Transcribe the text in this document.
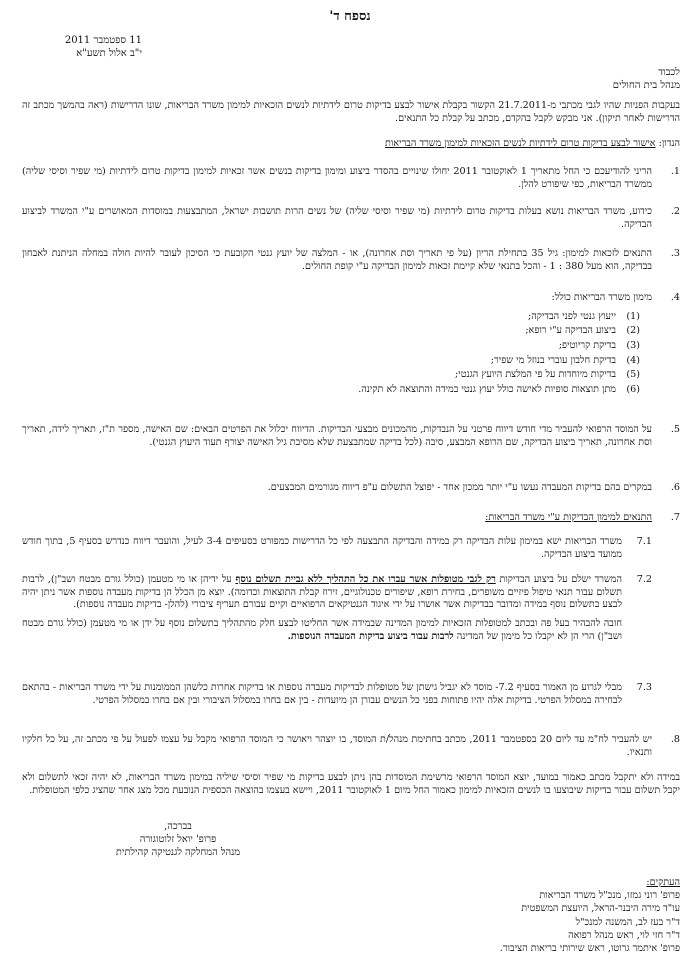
נספח ד'
11 ספטמבר 2011
י"ב אלול תשע"א
לכבוד
מנהל בית החולים
בעקבות הפניות שהיו לגבי מכתבי מ-21.7.2011 הקשור בקבלת אישור לבצע בדיקות טרום לידתיות לנשים הזכאיות למימון משרד הבריאות, שונו הדרישות (ראה בהמשך מכתב זה הדרישות לאחר תיקון). אני מבקש לקבל בהקדם, מכתב על קבלת כל התנאים.
הנדון: אישור לבצע בדיקות טרום לידתיות לנשים הזכאיות למימון משרד הבריאות
1.
הריני להודיעכם כי החל מתאריך 1 לאוקטובר 2011 יחולו שינויים בהסדר ביצוע ומימון בדיקות בנשים אשר זכאיות למימון בדיקות טרום לידתיות (מי שפיר וסיסי שליה) ממשרד הבריאות, כפי שיפורט להלן.
2.
כידוע, משרד הבריאות נושא בעלות בדיקות טרום לידתיות (מי שפיר וסיסי שליה) של נשים הרות תושבות ישראל, המתבצעות במוסדות המאושרים ע"י המשרד לביצוע הבדיקה.
3.
התנאים לזכאות למימון: גיל 35 בתחילת הריון (על פי תאריך וסת אחרונה), או - המלצה של יועץ גנטי הקובעת כי הסיכון לעובר להיות חולה במחלה הניתנת לאבחון בבדיקה, הוא מעל 380 : 1 - והכל בתנאי שלא קיימת זכאות למימון הבדיקה ע"י קופת החולים.
4.
מימון משרד הבריאות כולל:
(1)ייעוץ גנטי לפני הבדיקה;
(2)ביצוע הבדיקה ע"י רופא;
(3)בדיקת קריוטיפ;
(4)בדיקת חלבון עוברי בנוזל מי שפיר;
(5)בדיקות מיוחדות על פי המלצת היועץ הגנטי;
(6)מתן תוצאות סופיות לאישה כולל יעוץ גנטי במידה והתוצאה לא תקינה.
5.
על המוסד הרפואי להעביר מדי חודש דיווח פרטני על הנבדקות, מהמכונים מבצעי הבדיקות. הדיווח יכלול את הפרטים הבאים: שם האישה, מספר ת"ז, תאריך לידה, תאריך וסת אחרונה, תאריך ביצוע הבדיקה, שם הרופא המבצע, סיבה (לכל בדיקה שמתבצעת שלא מסיבת גיל האישה יצורף תעוד היעוץ הגנטי).
6.
במקרים בהם בדיקות המעבדה נעשו ע"י יותר ממכון אחד - יפוצל התשלום ע"פ דיווח מגורמים המבצעים.
7.
התנאים למימון הבדיקות ע"י משרד הבריאות:
7.1
משרד הבריאות ישא במימון עלות הבדיקה רק במידה והבדיקה התבצעה לפי כל הדרישות כמפורט בסעיפים 3-4 לעיל, והועבר דיווח כנדרש בסעיף 5, בתוך חודש ממועד ביצוע הבדיקה.
7.2
המשרד ישלם על ביצוע הבדיקות רק לגבי מטופלות אשר עברו את כל התהליך ללא גביית תשלום נוסף על ידיהן או מי מטעמן (כולל גורם מבטח ושב"ן), לרבות תשלום עבור תנאי טיפול פיזיים משופרים, בחירת רופא, שיפורים טכנולוגיים, זירוז קבלת התוצאות וכדומה). יוצא מן הכלל הן בדיקות מעבדה נוספות אשר ניתן יהיה לבצע בתשלום נוסף במידה ומדובר בבדיקות אשר אושרו על ידי איגוד הגנטיקאים הרפואיים וקיים עבורם תעריף ציבורי (להלן- בדיקות מעבדה נוספות).
חובה להבהיר בעל פה ובכתב למטופלות הזכאיות למימון המדינה שבמידה אשר החליטו לבצע חלק מהתהליך בתשלום נוסף על ידן או מי מטעמן (כולל גורם מבטח ושב"ן) הרי הן לא יקבלו כל מימון של המדינה לרבות עבור ביצוע בדיקות המעבדה הנוספות.
7.3
מבלי לגרוע מן האמור בסעיף 7.2- מוסד לא יגביל גישתן של מטופלות לבדיקות מעבדה נוספות או בדיקות אחרות כלשהן הממומנות על ידי משרד הבריאות - בהתאם לבחירה במסלול הפרטי. בדיקות אלה יהיו פתוחות בפני כל הנשים עבורן הן מיועדות - בין אם בחרו במסלול הציבורי ובין אם בחרו במסלול הפרטי.
8.
יש להעביר לח"מ עד ליום 20 בספטמבר 2011, מכתב בחתימת מנהל/ת המוסד, בו יוצהר ויאושר כי המוסד הרפואי מקבל על עצמו לפעול על פי מכתב זה, על כל חלקיו ותנאיו.
במידה ולא יתקבל מכתב כאמור במועד, יוצא המוסד הרפואי מרשימת המוסדות בהן ניתן לבצע בדיקות מי שפיר וסיסי שיליה במימון משרד הבריאות, לא יהיה זכאי לתשלום ולא יקבל תשלום עבור בדיקות שיבוצעו בו לנשים הזכאיות למימון כאמור החל מיום 1 לאוקטובר 2011, ויישא בעצמו בהוצאה הכספית הנובעת מכל מצג אחר שהציג כלפי המטופלות.
בברכה,
פרופ' יואל זלוטוגורה
מנהל המחלקה לגנטיקה קהילתית
העתקים:
פרופ' רוני גמזו, מנכ"ל משרד הבריאות
עו"ד מירה היבנר-הראל, היועצת המשפטית
ד"ר בעז לב, המשנה למנכ"ל
ד"ר חזי לוי, ראש מנהל רפואה
פרופ' איתמר גרוטו, ראש שירותי בריאות הציבור.
